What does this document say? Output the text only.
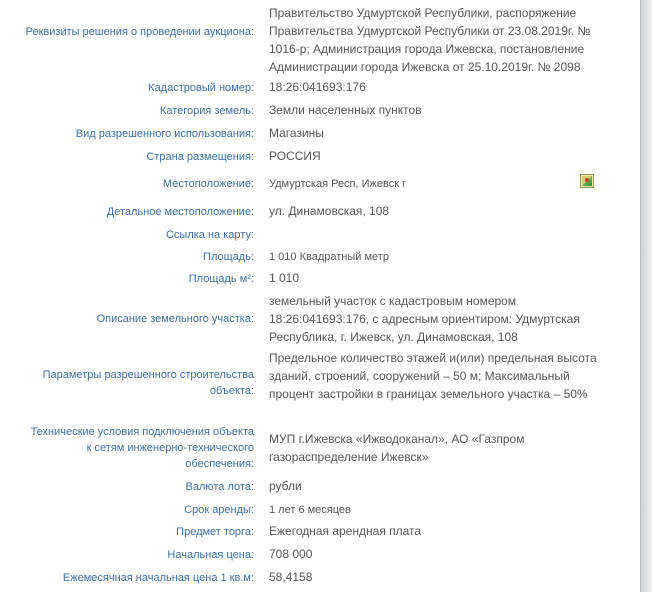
Реквизиты решения о проведении аукциона:
Правительство Удмуртской Республики, распоряжение Правительства Удмуртской Республики от 23.08.2019г. № 1016-р; Администрация города Ижевска, постановление Администрации города Ижевска от 25.10.2019г. № 2098
Кадастровый номер: 18:26:041693:176
Категория земель: Земли населенных пунктов
Вид разрешенного использования: Магазины
Страна размещения: РОССИЯ
Местоположение: Удмуртская Респ, Ижевск г
Детальное местоположение: ул. Динамовская, 108
Ссылка на карту:
Площадь: 1 010 Квадратный метр
Площадь м²: 1 010
Описание земельного участка:
земельный участок с кадастровым номером 18:26:041693:176, с адресным ориентиром: Удмуртская Республика, г. Ижевск, ул. Динамовская, 108
Параметры разрешенного строительства объекта:
Предельное количество этажей и(или) предельная высота зданий, строений, сооружений – 50 м; Максимальный процент застройки в границах земельного участка – 50%
Технические условия подключения объекта к сетям инженерно-технического обеспечения:
МУП г.Ижевска «Ижводоканал», АО «Газпром газораспределение Ижевск»
Валюта лота: рубли
Срок аренды: 1 лет 6 месяцев
Предмет торга: Ежегодная арендная плата
Начальная цена: 708 000
Ежемесячная начальная цена 1 кв.м: 58,4158
